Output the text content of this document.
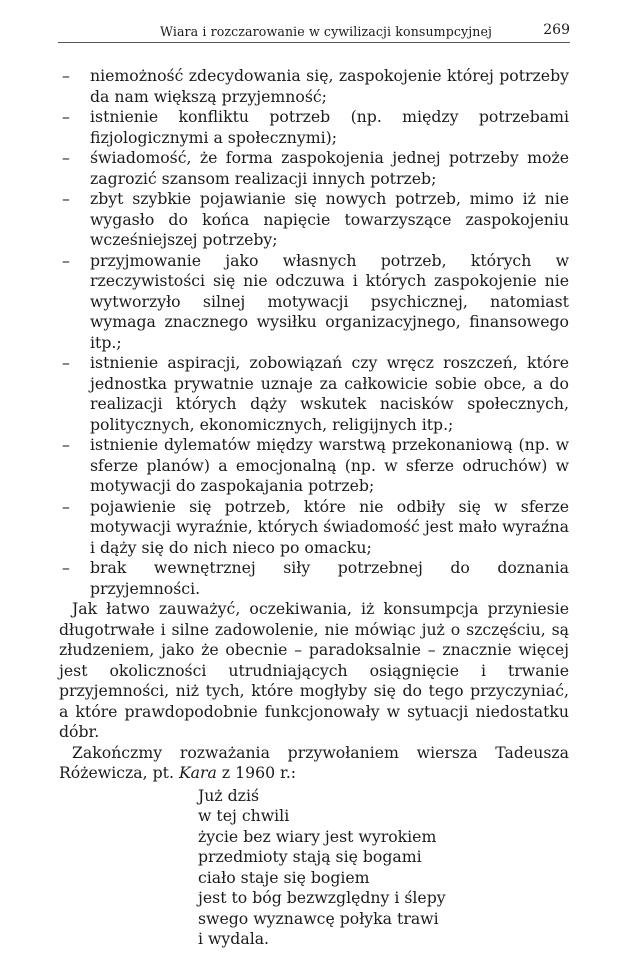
Wiara i rozczarowanie w cywilizacji konsumpcyjnej	269
– niemożność zdecydowania się, zaspokojenie której potrzeby da nam większą przyjemność;
– istnienie konfliktu potrzeb (np. między potrzebami fizjologicznymi a społecznymi);
– świadomość, że forma zaspokojenia jednej potrzeby może zagrozić szansom realizacji innych potrzeb;
– zbyt szybkie pojawianie się nowych potrzeb, mimo iż nie wygasło do końca napięcie towarzyszące zaspokojeniu wcześniejszej potrzeby;
– przyjmowanie jako własnych potrzeb, których w rzeczywistości się nie odczuwa i których zaspokojenie nie wytworzyło silnej motywacji psychicznej, natomiast wymaga znacznego wysiłku organizacyjnego, finansowego itp.;
– istnienie aspiracji, zobowiązań czy wręcz roszczeń, które jednostka prywatnie uznaje za całkowicie sobie obce, a do realizacji których dąży wskutek nacisków społecznych, politycznych, ekonomicznych, religijnych itp.;
– istnienie dylematów między warstwą przekonaniową (np. w sferze planów) a emocjonalną (np. w sferze odruchów) w motywacji do zaspokajania potrzeb;
– pojawienie się potrzeb, które nie odbiły się w sferze motywacji wyraźnie, których świadomość jest mało wyraźna i dąży się do nich nieco po omacku;
– brak wewnętrznej siły potrzebnej do doznania przyjemności.

Jak łatwo zauważyć, oczekiwania, iż konsumpcja przyniesie długotrwałe i silne zadowolenie, nie mówiąc już o szczęściu, są złudzeniem, jako że obecnie – paradoksalnie – znacznie więcej jest okoliczności utrudniających osiągnięcie i trwanie przyjemności, niż tych, które mogłyby się do tego przyczyniać, a które prawdopodobnie funkcjonowały w sytuacji niedostatku dóbr.

Zakończmy rozważania przywołaniem wiersza Tadeusza Różewicza, pt. Kara z 1960 r.:

Już dziś
w tej chwili
życie bez wiary jest wyrokiem
przedmioty stają się bogami
ciało staje się bogiem
jest to bóg bezwzględny i ślepy
swego wyznawcę połyka trawi
i wydala.
